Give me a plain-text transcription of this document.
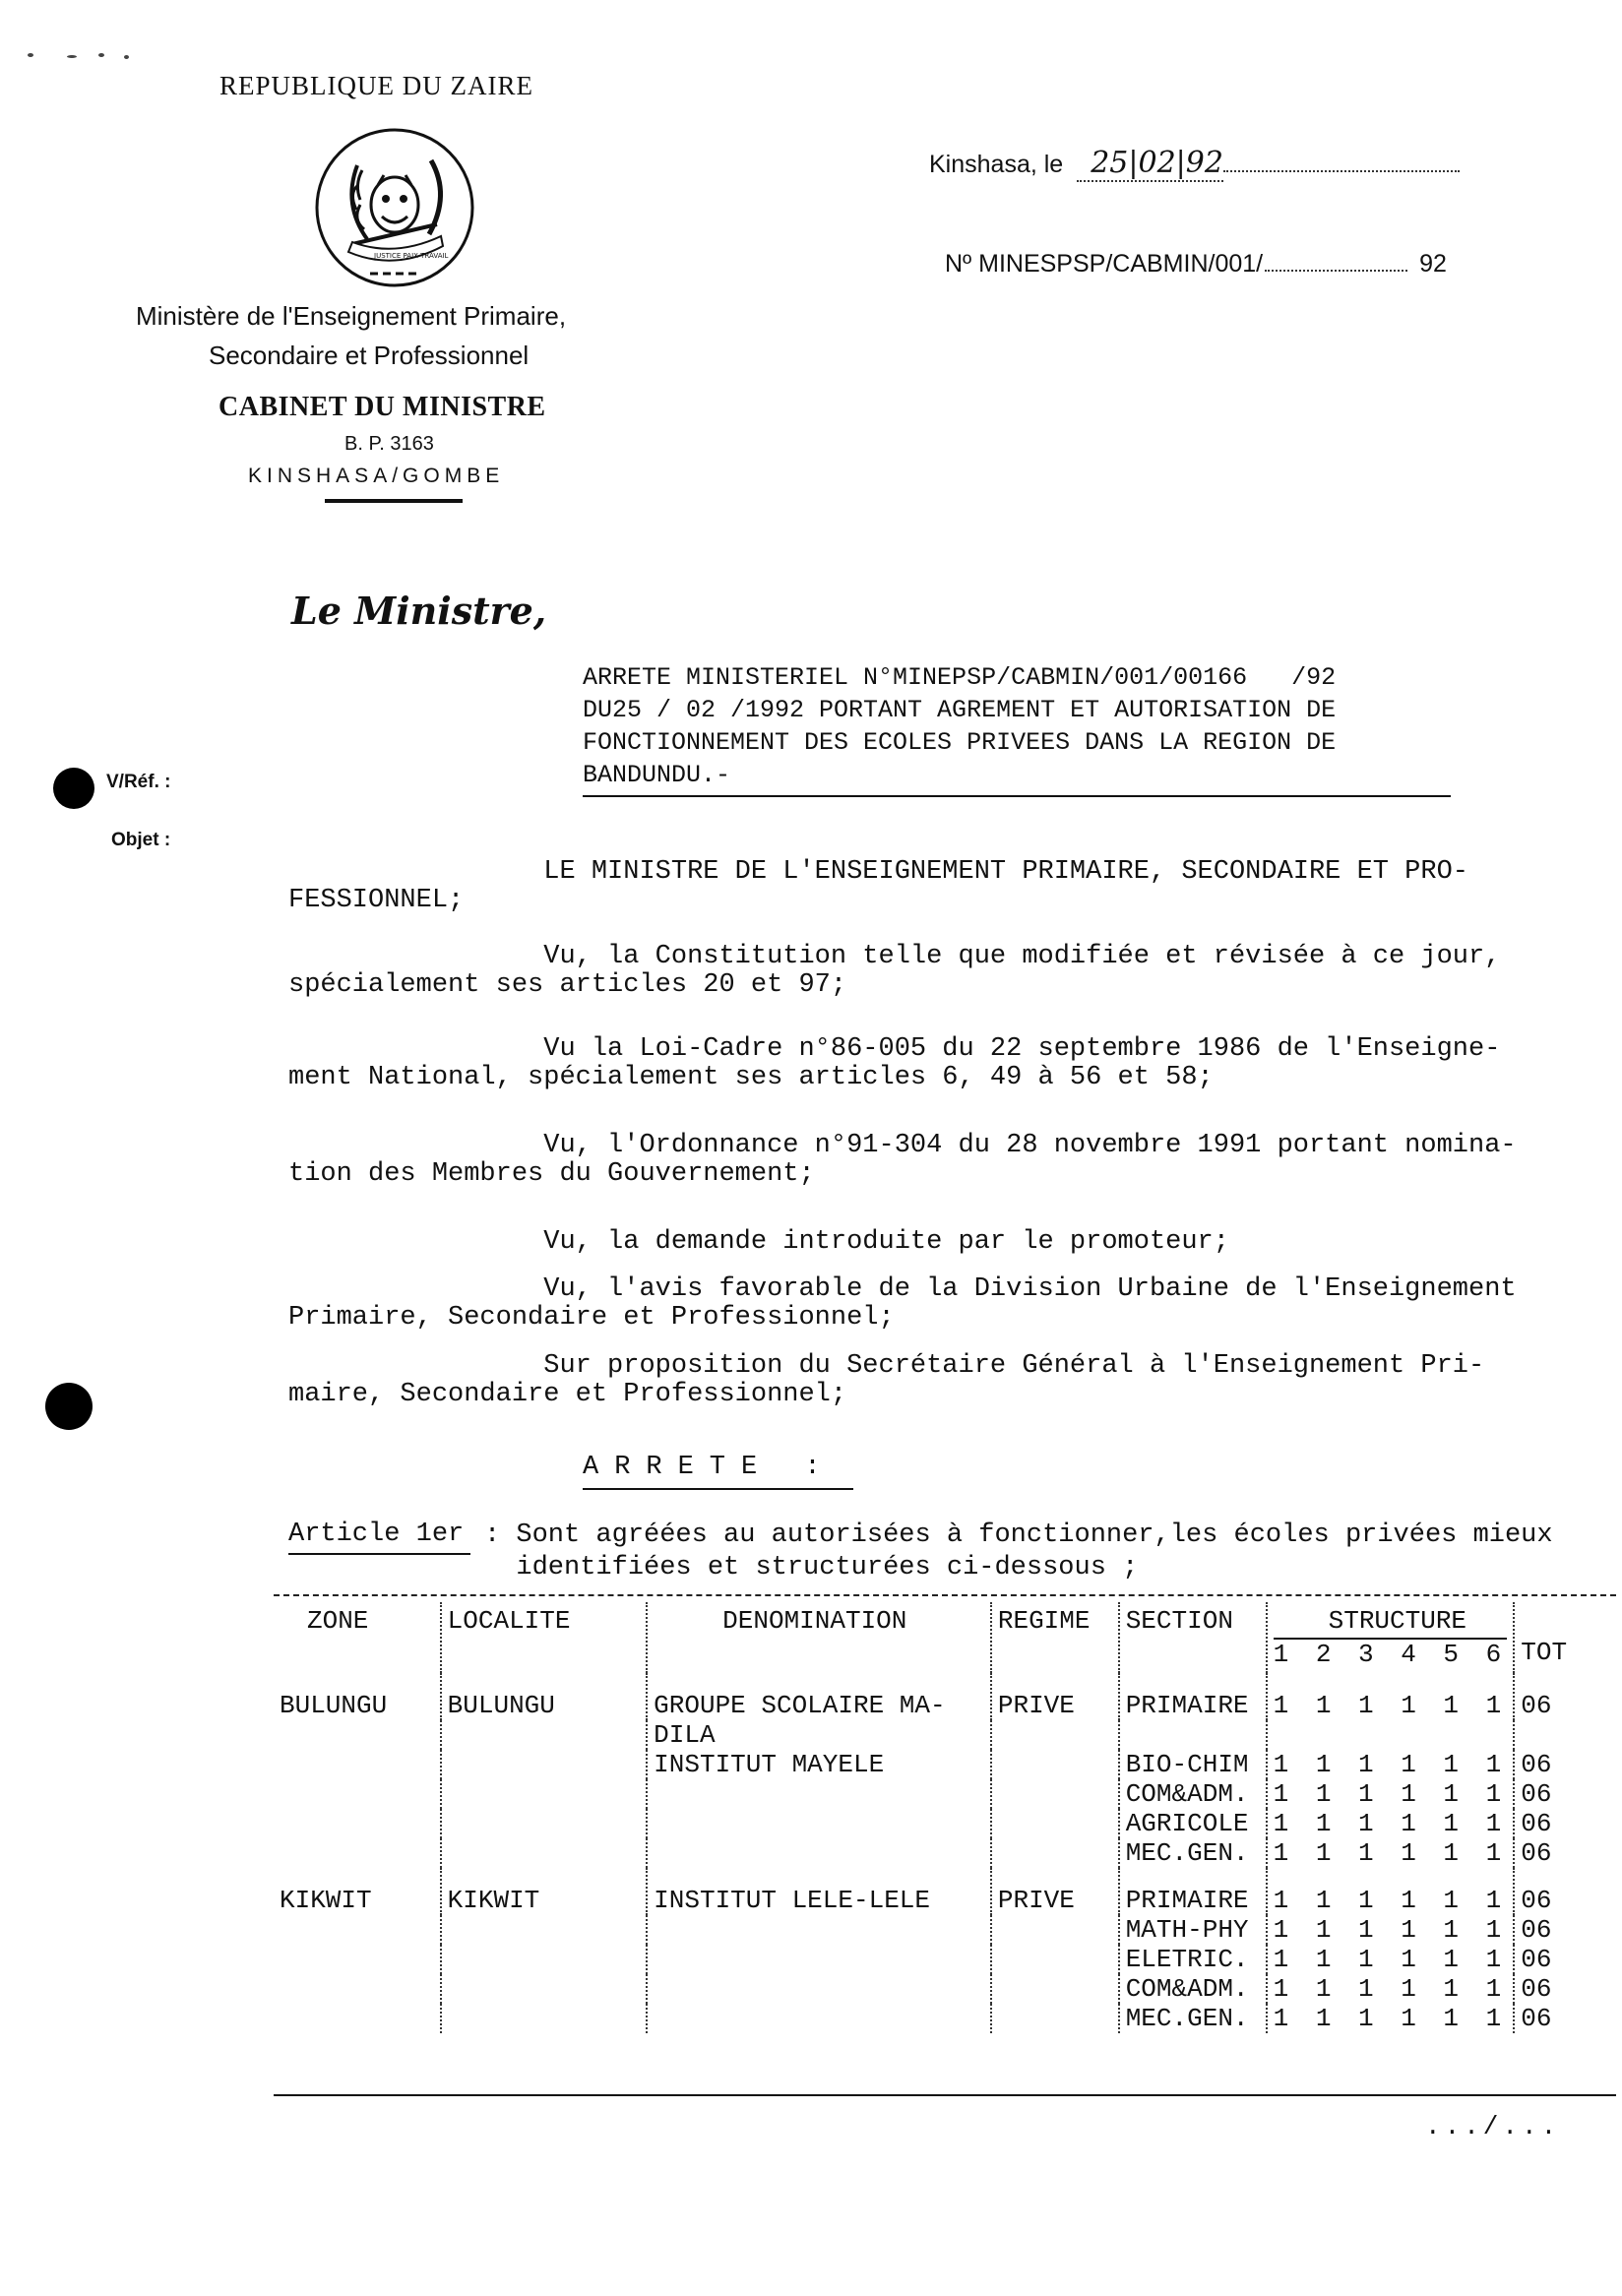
REPUBLIQUE DU ZAIRE
JUSTICE PAIX TRAVAIL
Ministère de l'Enseignement Primaire,
Secondaire et Professionnel
CABINET DU MINISTRE
B. P. 3163
KINSHASA/GOMBE
Kinshasa, le 25|02|92
Nº MINESPSP/CABMIN/001/	92
Le Ministre,
ARRETE MINISTERIEL N°MINEPSP/CABMIN/001/00166   /92
DU25 / 02 /1992 PORTANT AGREMENT ET AUTORISATION DE
FONCTIONNEMENT DES ECOLES PRIVEES DANS LA REGION DE
BANDUNDU.-
V/Réf. :
Objet :
LE MINISTRE DE L'ENSEIGNEMENT PRIMAIRE, SECONDAIRE ET PRO-
FESSIONNEL;
Vu, la Constitution telle que modifiée et révisée à ce jour,
spécialement ses articles 20 et 97;
Vu la Loi-Cadre n°86-005 du 22 septembre 1986 de l'Enseigne-
ment National, spécialement ses articles 6, 49 à 56 et 58;
Vu, l'Ordonnance n°91-304 du 28 novembre 1991 portant nomina-
tion des Membres du Gouvernement;
Vu, la demande introduite par le promoteur;
Vu, l'avis favorable de la Division Urbaine de l'Enseignement
Primaire, Secondaire et Professionnel;
Sur proposition du Secrétaire Général à l'Enseignement Pri-
maire, Secondaire et Professionnel;
ARRETE :
Article 1er : Sont agréées au autorisées à fonctionner,les écoles privées mieux
identifiées et structurées ci-dessous ;
ZONE	LOCALITE	DENOMINATION	REGIME	SECTION	STRUCTURE
1 2 3 4 5 6	TOT

BULUNGU	BULUNGU	GROUPE SCOLAIRE MA-	PRIVE	PRIMAIRE	1 1 1 1 1 1	06
		DILA				
		INSTITUT MAYELE		BIO-CHIM	1 1 1 1 1 1	06
				COM&ADM.	1 1 1 1 1 1	06
				AGRICOLE	1 1 1 1 1 1	06
				MEC.GEN.	1 1 1 1 1 1	06
KIKWIT	KIKWIT	INSTITUT LELE-LELE	PRIVE	PRIMAIRE	1 1 1 1 1 1	06
				MATH-PHY	1 1 1 1 1 1	06
				ELETRIC.	1 1 1 1 1 1	06
				COM&ADM.	1 1 1 1 1 1	06
				MEC.GEN.	1 1 1 1 1 1	06
.../...
